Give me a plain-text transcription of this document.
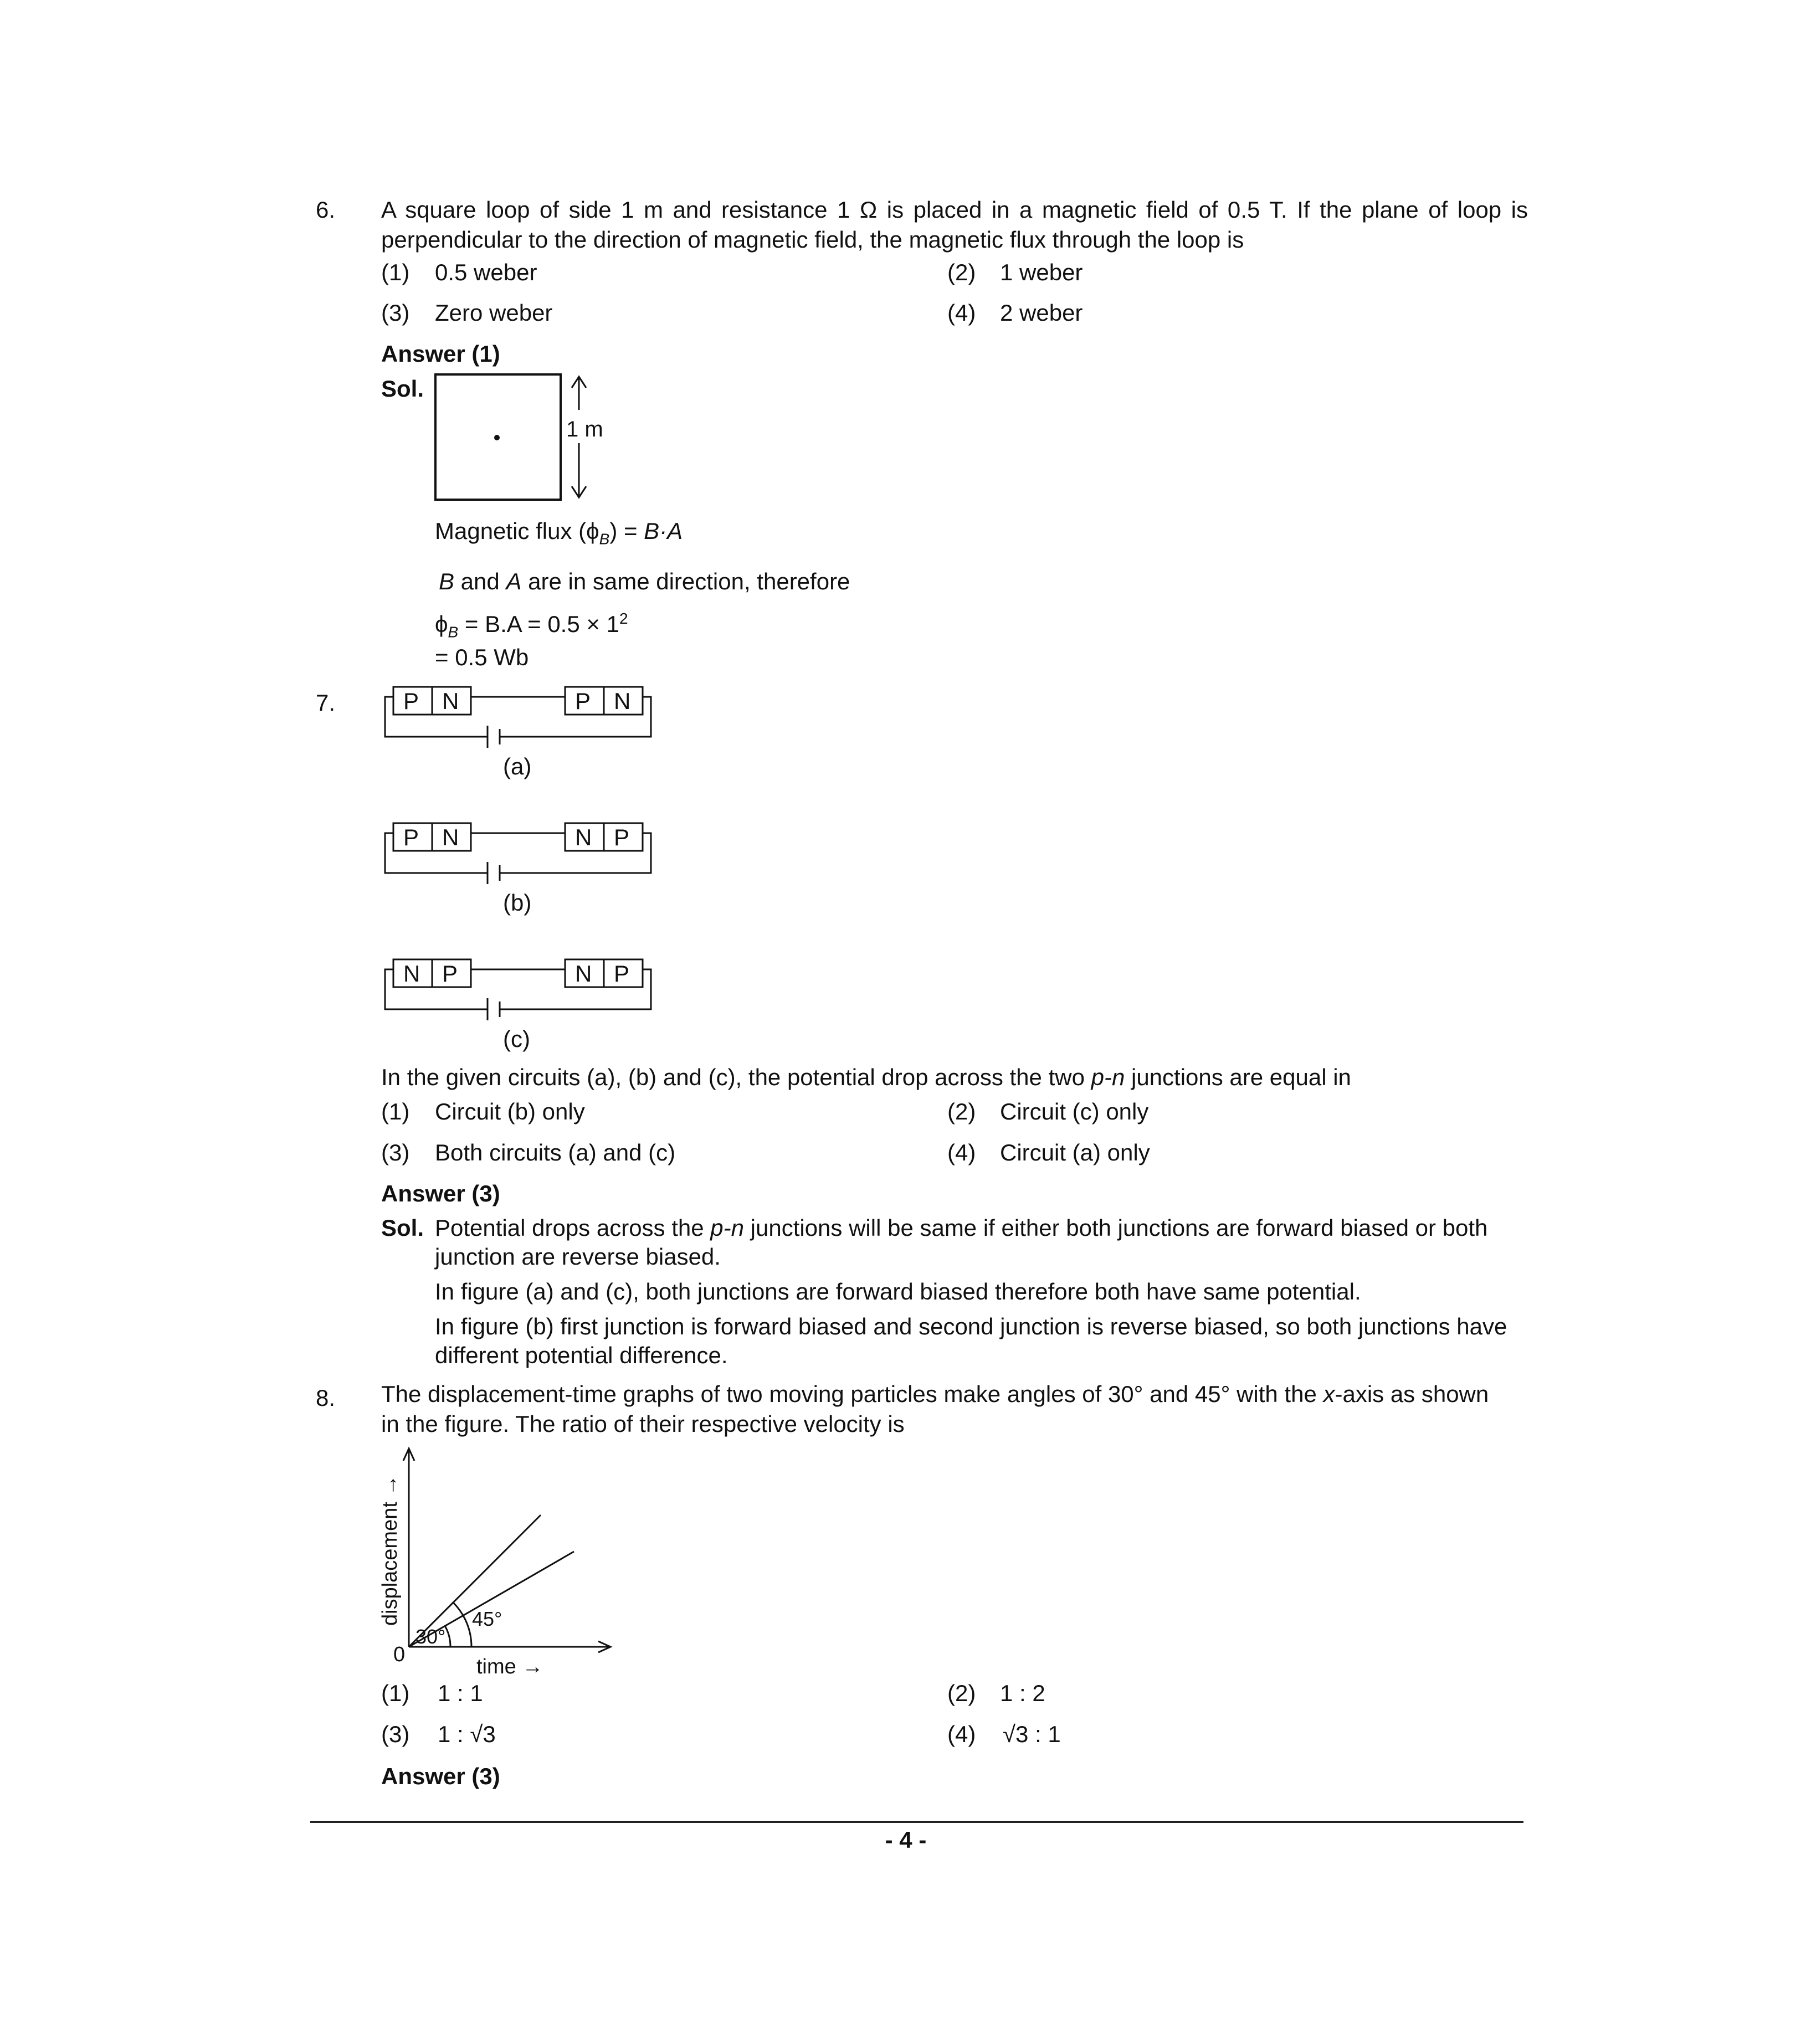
6. A square loop of side 1 m and resistance 1 Ω is placed in a magnetic field of 0.5 T. If the plane of loop is perpendicular to the direction of magnetic field, the magnetic flux through the loop is
(1) 0.5 weber	(2) 1 weber
(3) Zero weber	(4) 2 weber
Answer (1)
Sol.
1 m
Magnetic flux $(\phi_B) = B\cdot A$
B and A are in same direction, therefore
$\phi_B = B.A = 0.5 \times 1^2$
= 0.5 Wb
7.	P N	P N
(a)
P N	N P
(b)
N P	N P
(c)
In the given circuits (a), (b) and (c), the potential drop across the two p-n junctions are equal in
(1) Circuit (b) only	(2) Circuit (c) only
(3) Both circuits (a) and (c)	(4) Circuit (a) only
Answer (3)
Sol. Potential drops across the p-n junctions will be same if either both junctions are forward biased or both
junction are reverse biased.
In figure (a) and (c), both junctions are forward biased therefore both have same potential.
In figure (b) first junction is forward biased and second junction is reverse biased, so both junctions have
different potential difference.
8. The displacement-time graphs of two moving particles make angles of 30° and 45° with the x-axis as shown
in the figure. The ratio of their respective velocity is
30°
45°
0
time →
displacement →
(1) 1 : 1	(2) 1 : 2
(3) 1 : √3	(4) √3 : 1
Answer (3)
- 4 -
